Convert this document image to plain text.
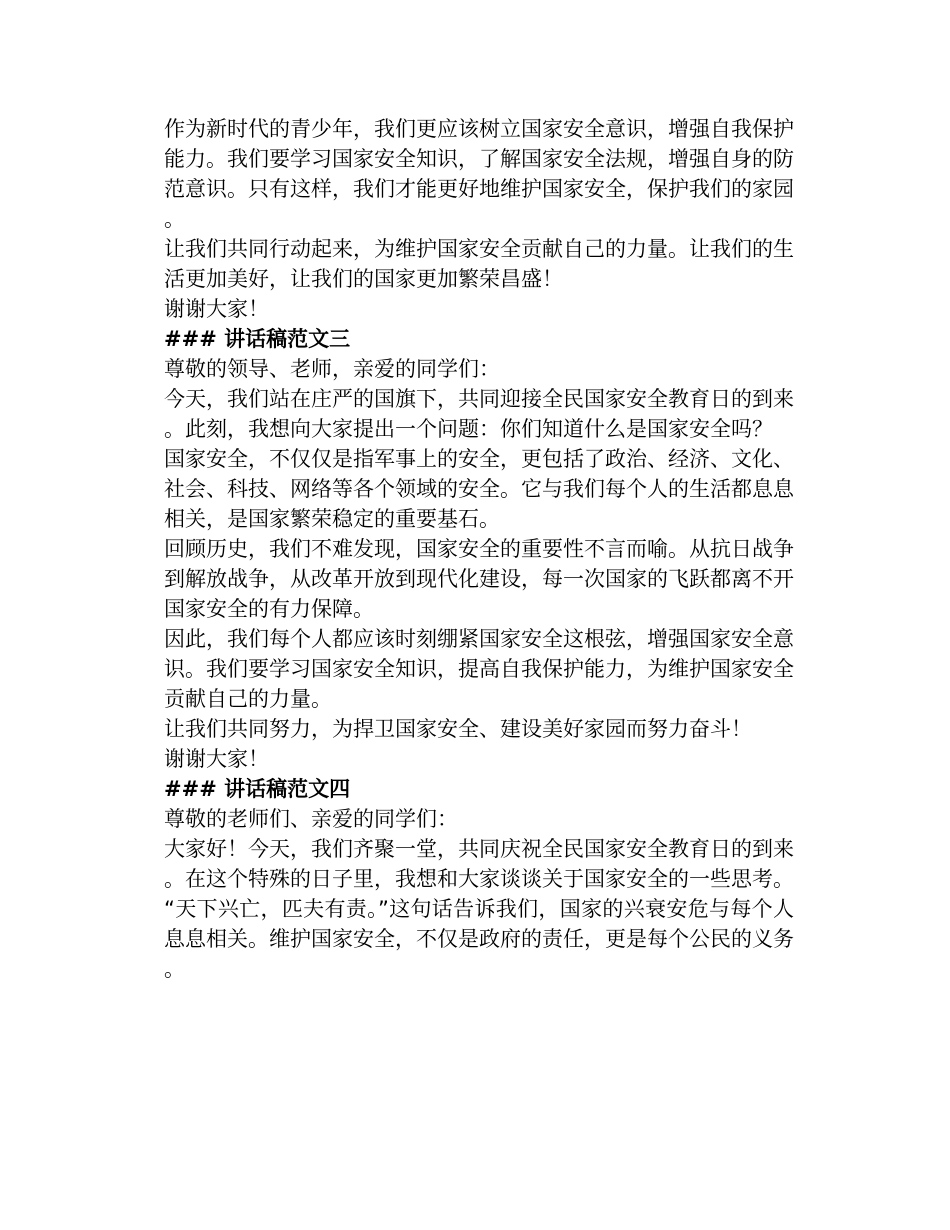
作为新时代的青少年，我们更应该树立国家安全意识，增强自我保护能力。我们要学习国家安全知识，了解国家安全法规，增强自身的防范意识。只有这样，我们才能更好地维护国家安全，保护我们的家园。

让我们共同行动起来，为维护国家安全贡献自己的力量。让我们的生活更加美好，让我们的国家更加繁荣昌盛！

谢谢大家！

### 讲话稿范文三

尊敬的领导、老师，亲爱的同学们：

今天，我们站在庄严的国旗下，共同迎接全民国家安全教育日的到来。此刻，我想向大家提出一个问题：你们知道什么是国家安全吗？

国家安全，不仅仅是指军事上的安全，更包括了政治、经济、文化、社会、科技、网络等各个领域的安全。它与我们每个人的生活都息息相关，是国家繁荣稳定的重要基石。

回顾历史，我们不难发现，国家安全的重要性不言而喻。从抗日战争到解放战争，从改革开放到现代化建设，每一次国家的飞跃都离不开国家安全的有力保障。

因此，我们每个人都应该时刻绷紧国家安全这根弦，增强国家安全意识。我们要学习国家安全知识，提高自我保护能力，为维护国家安全贡献自己的力量。

让我们共同努力，为捍卫国家安全、建设美好家园而努力奋斗！

谢谢大家！

### 讲话稿范文四

尊敬的老师们、亲爱的同学们：

大家好！今天，我们齐聚一堂，共同庆祝全民国家安全教育日的到来。在这个特殊的日子里，我想和大家谈谈关于国家安全的一些思考。

“天下兴亡，匹夫有责。”这句话告诉我们，国家的兴衰安危与每个人息息相关。维护国家安全，不仅是政府的责任，更是每个公民的义务。
